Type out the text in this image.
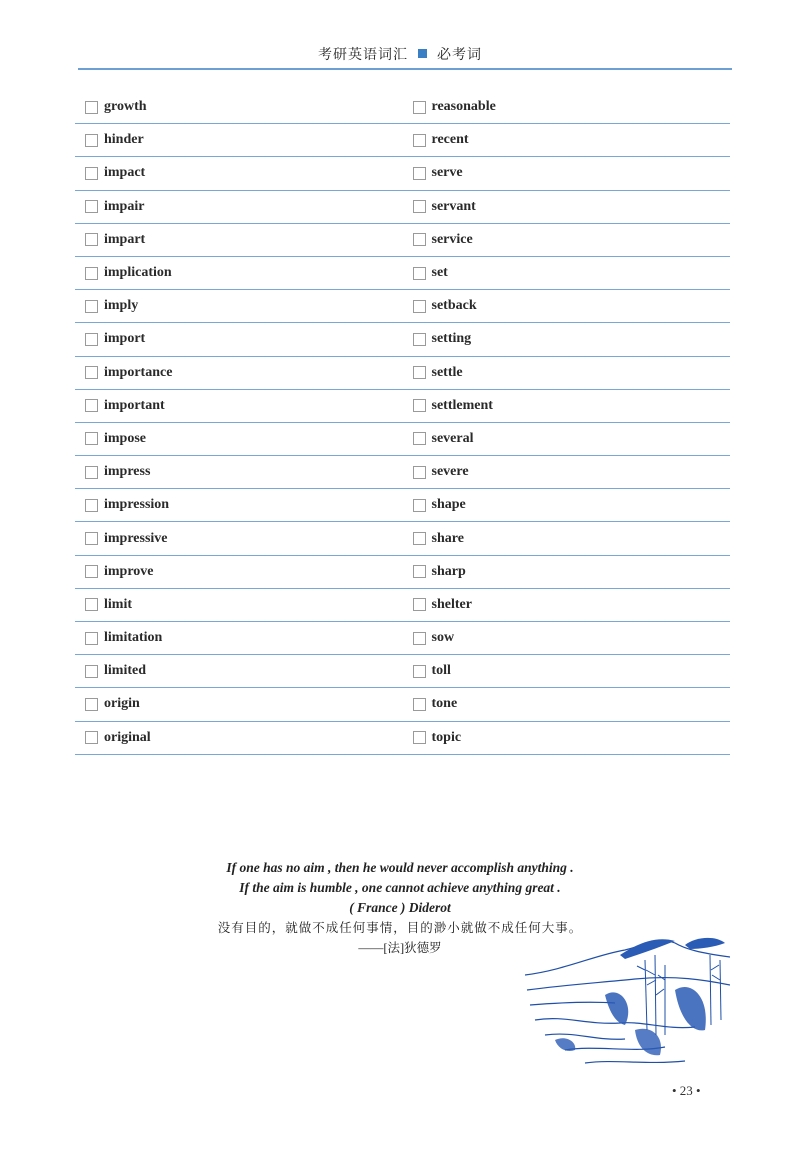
考研英语词汇 必考词
growth	reasonable
hinder	recent
impact	serve
impair	servant
impart	service
implication	set
imply	setback
import	setting
importance	settle
important	settlement
impose	several
impress	severe
impression	shape
impressive	share
improve	sharp
limit	shelter
limitation	sow
limited	toll
origin	tone
original	topic
If one has no aim , then he would never accomplish anything .
If the aim is humble , one cannot achieve anything great .
( France ) Diderot
没有目的，就做不成任何事情，目的渺小就做不成任何大事。
——[法]狄德罗
• 23 •
